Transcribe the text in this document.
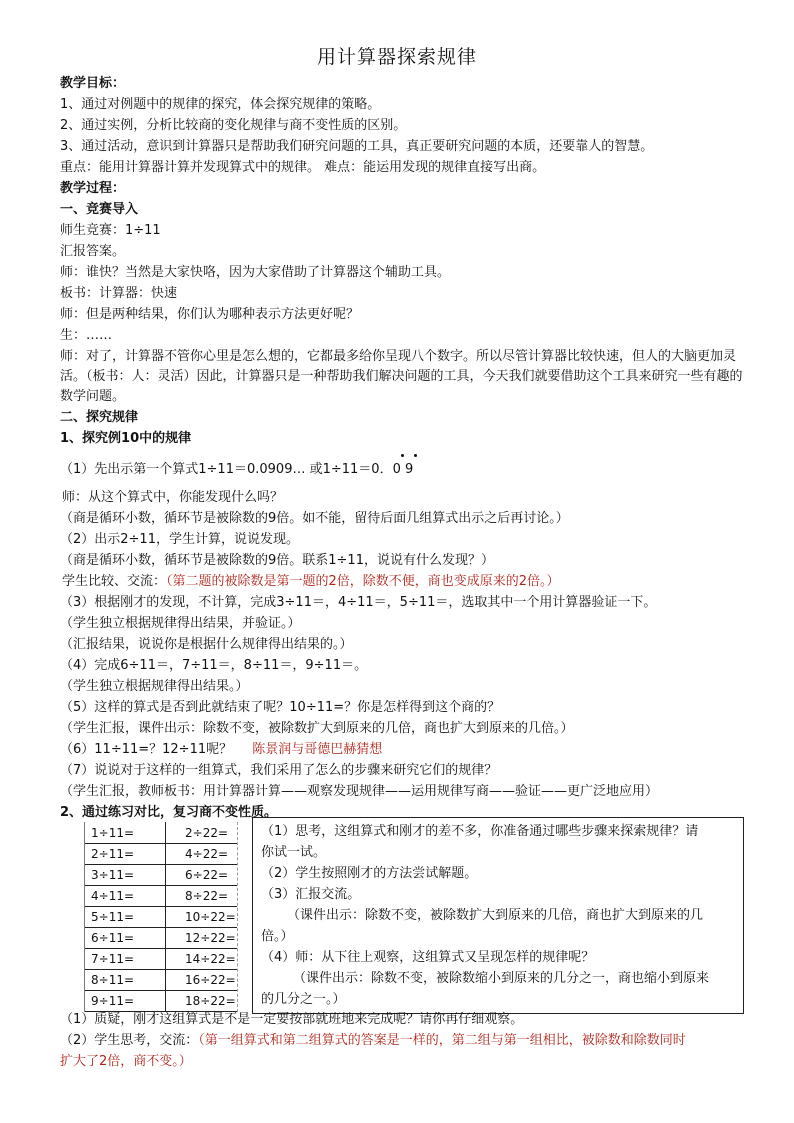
用计算器探索规律
教学目标：
1、通过对例题中的规律的探究，体会探究规律的策略。
2、通过实例，分析比较商的变化规律与商不变性质的区别。
3、通过活动，意识到计算器只是帮助我们研究问题的工具，真正要研究问题的本质，还要靠人的智慧。
重点：能用计算器计算并发现算式中的规律。 难点：能运用发现的规律直接写出商。
教学过程：
一、竞赛导入
师生竞赛：1÷11
汇报答案。
师：谁快？当然是大家快咯，因为大家借助了计算器这个辅助工具。
板书：计算器：快速
师：但是两种结果，你们认为哪种表示方法更好呢？
生：……
师：对了，计算器不管你心里是怎么想的，它都最多给你呈现八个数字。所以尽管计算器比较快速，但人的大脑更加灵活。（板书：人：灵活）因此，计算器只是一种帮助我们解决问题的工具，今天我们就要借助这个工具来研究一些有趣的数学问题。
二、探究规律
1、探究例10中的规律
（1）先出示第一个算式1÷11＝0.0909… 或1÷11＝0．0 9
师：从这个算式中，你能发现什么吗？
（商是循环小数，循环节是被除数的9倍。如不能，留待后面几组算式出示之后再讨论。）
（2）出示2÷11，学生计算，说说发现。
（商是循环小数，循环节是被除数的9倍。联系1÷11，说说有什么发现？）
学生比较、交流：（第二题的被除数是第一题的2倍，除数不便，商也变成原来的2倍。）
（3）根据刚才的发现，不计算，完成3÷11＝，4÷11＝，5÷11＝，选取其中一个用计算器验证一下。
（学生独立根据规律得出结果，并验证。）
（汇报结果，说说你是根据什么规律得出结果的。）
（4）完成6÷11＝，7÷11＝，8÷11＝，9÷11＝。
（学生独立根据规律得出结果。）
（5）这样的算式是否到此就结束了呢？10÷11=？你是怎样得到这个商的？
（学生汇报，课件出示：除数不变，被除数扩大到原来的几倍，商也扩大到原来的几倍。）
（6）11÷11=？12÷11呢？ 陈景润与哥德巴赫猜想
（7）说说对于这样的一组算式，我们采用了怎么的步骤来研究它们的规律？
（学生汇报，教师板书：用计算器计算——观察发现规律——运用规律写商——验证——更广泛地应用）
2、通过练习对比，复习商不变性质。
1÷11=	2÷22=
2÷11=	4÷22=
3÷11=	6÷22=
4÷11=	8÷22=
5÷11=	10÷22=
6÷11=	12÷22=
7÷11=	14÷22=
8÷11=	16÷22=
9÷11=	18÷22=
（1）思考，这组算式和刚才的差不多，你准备通过哪些步骤来探索规律？请
你试一试。
（2）学生按照刚才的方法尝试解题。
（3）汇报交流。
（课件出示：除数不变，被除数扩大到原来的几倍，商也扩大到原来的几
倍。）
（4）师：从下往上观察，这组算式又呈现怎样的规律呢？
（课件出示：除数不变，被除数缩小到原来的几分之一，商也缩小到原来
的几分之一。）
（1）质疑，刚才这组算式是不是一定要按部就班地来完成呢？请你再仔细观察。
（2）学生思考，交流：（第一组算式和第二组算式的答案是一样的，第二组与第一组相比，被除数和除数同时
扩大了2倍，商不变。）
